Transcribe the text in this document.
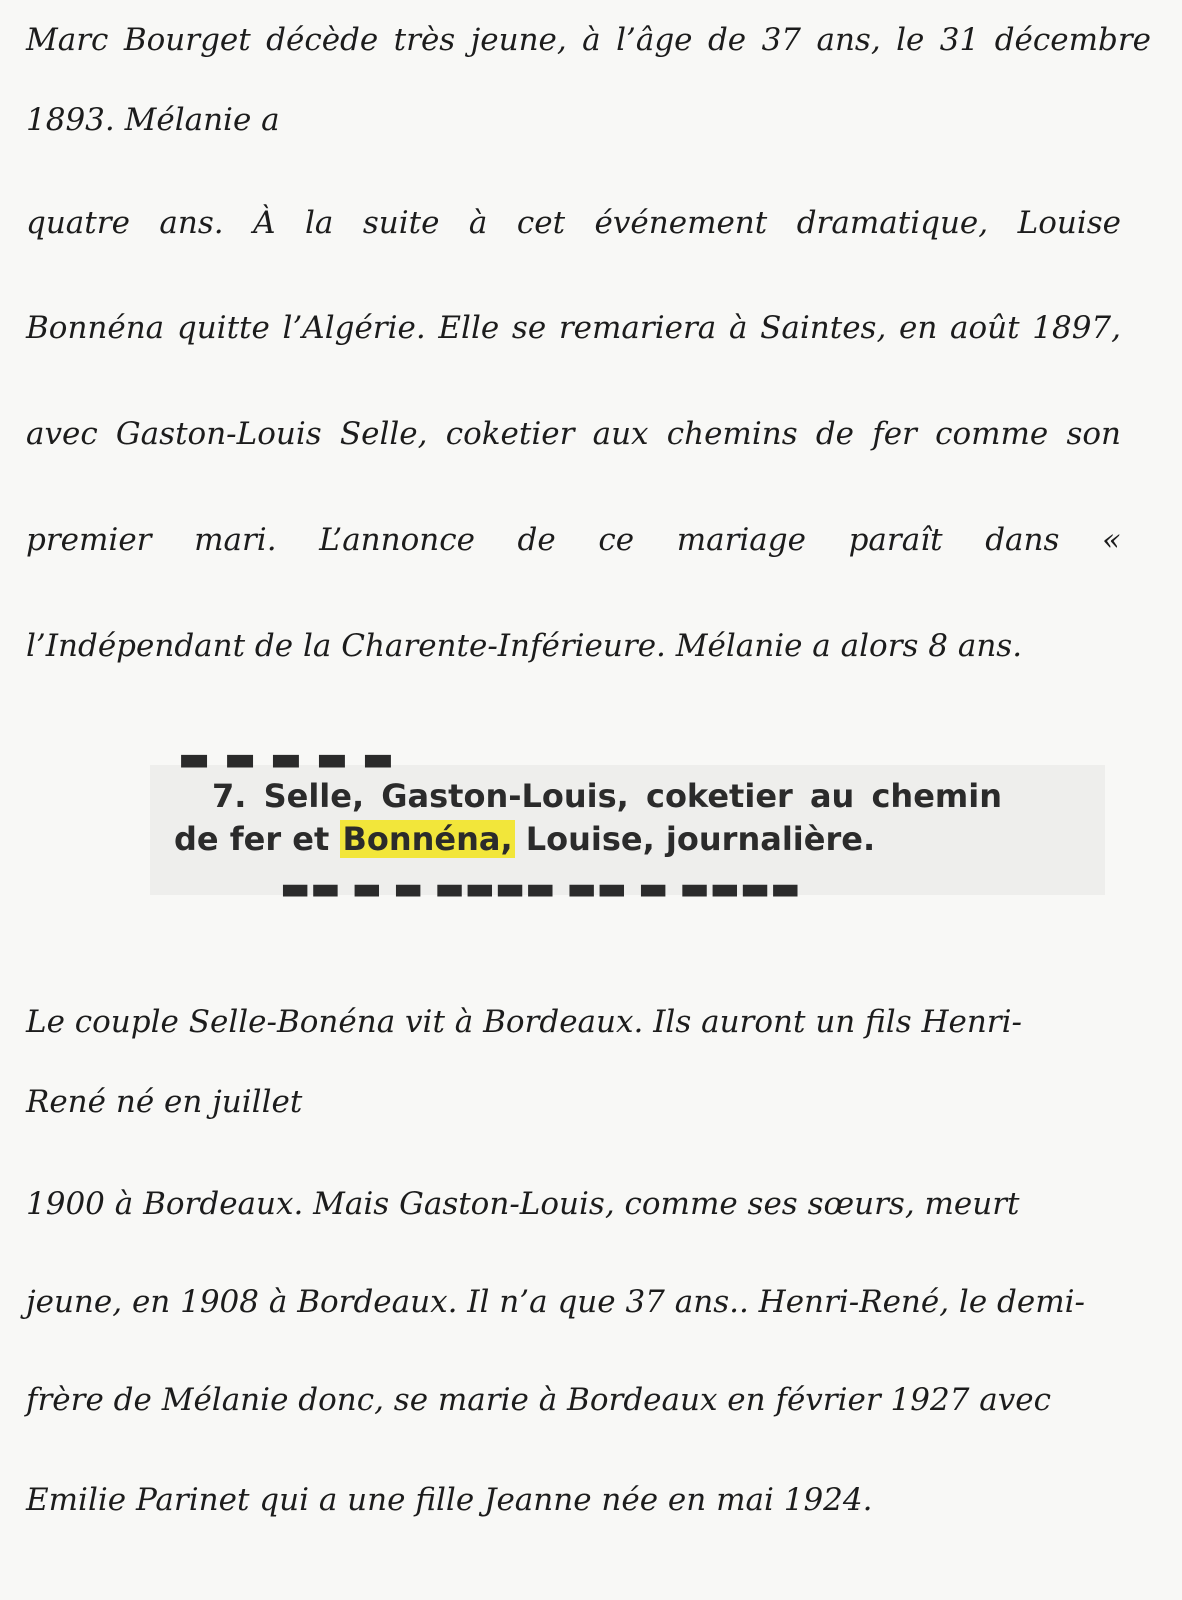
Marc Bourget décède très jeune, à l’âge de 37 ans, le 31 décembre

1893. Mélanie a

quatre ans. À la suite à cet événement dramatique, Louise

Bonnéna quitte l’Algérie. Elle se remariera à Saintes, en août 1897,

avec Gaston-Louis Selle, coketier aux chemins de fer comme son

premier mari. L’annonce de ce mariage paraît dans «

l’Indépendant de la Charente-Inférieure. Mélanie a alors 8 ans.

▬ ▬ ▬ ▬ ▬
7. Selle, Gaston-Louis, coketier au chemin
de fer et Bonnéna, Louise, journalière.
▬▬ ▬ ▬ ▬▬▬▬ ▬▬ ▬ ▬▬▬▬

Le couple Selle-Bonéna vit à Bordeaux. Ils auront un fils Henri-

René né en juillet

1900 à Bordeaux. Mais Gaston-Louis, comme ses sœurs, meurt

jeune, en 1908 à Bordeaux. Il n’a que 37 ans.. Henri-René, le demi-

frère de Mélanie donc, se marie à Bordeaux en février 1927 avec

Emilie Parinet qui a une fille Jeanne née en mai 1924.
